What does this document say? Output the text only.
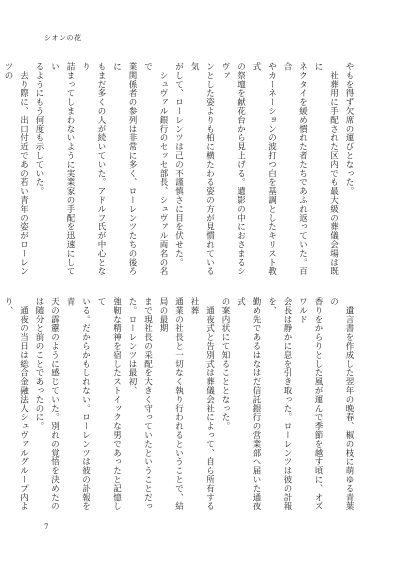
シオンの花
やもを得ず欠席の運びとなった。
　社葬用に手配された区内でも最大級の葬儀会場は既に
ネクタイを緩め慣れた者たちであふれ返っていた。百合
やカーネーションの波打つ白を基調としたキリスト教式
の祭壇を献花台から見上げる。遺影の中におさまるシヴァ
ンとした姿よりも柏に横たわる姿の方が見慣れている気
がして、ローレンツは己の不謹慎さに目を伏せた。
　シュヴァル銀行のセッセ部長、シュヴァル両名の名で
業関係者の参列は非常に多く、ローレンツたちの後ろに
もまだ多くの人が続いていた。アドルフ氏が中心となり
詰まってしまわないように実業家の手配を迅速にしてい
るようにもう何度も示していた。
　去り際に、出口付近であの若い青年の姿がローレンツの

　遺言書を作成した翌年の晩春、椒の枝に萌ゆる青葉の
香りをからりとした風が運んで季節を越す頃に、オズワルド
会長は静かに息を引き取った。ローレンツは彼の計報を、
勤め先であるはなはだ信託銀行の営業部へ届いた通夜式
の案内状にて知ることとなった。
　通夜式と告別式は葬儀会社によって、自ら所有する社葬
通業の社長と一切なく執り行われるということで、結局の最期
まで現社長の采配を大きく守っていたということだった。ローレンツは最初、
強靭な精神を宿したストイックな男であったと記憶して
いる。だからかもしれない。ローレンツは彼の訃報を青
天の霹靂のように感じていた。別れの覚悟を決めたの
は随分と前のことであったのに。
　通夜の当日は総合金融法人シュヴァルグループ内より、

7
